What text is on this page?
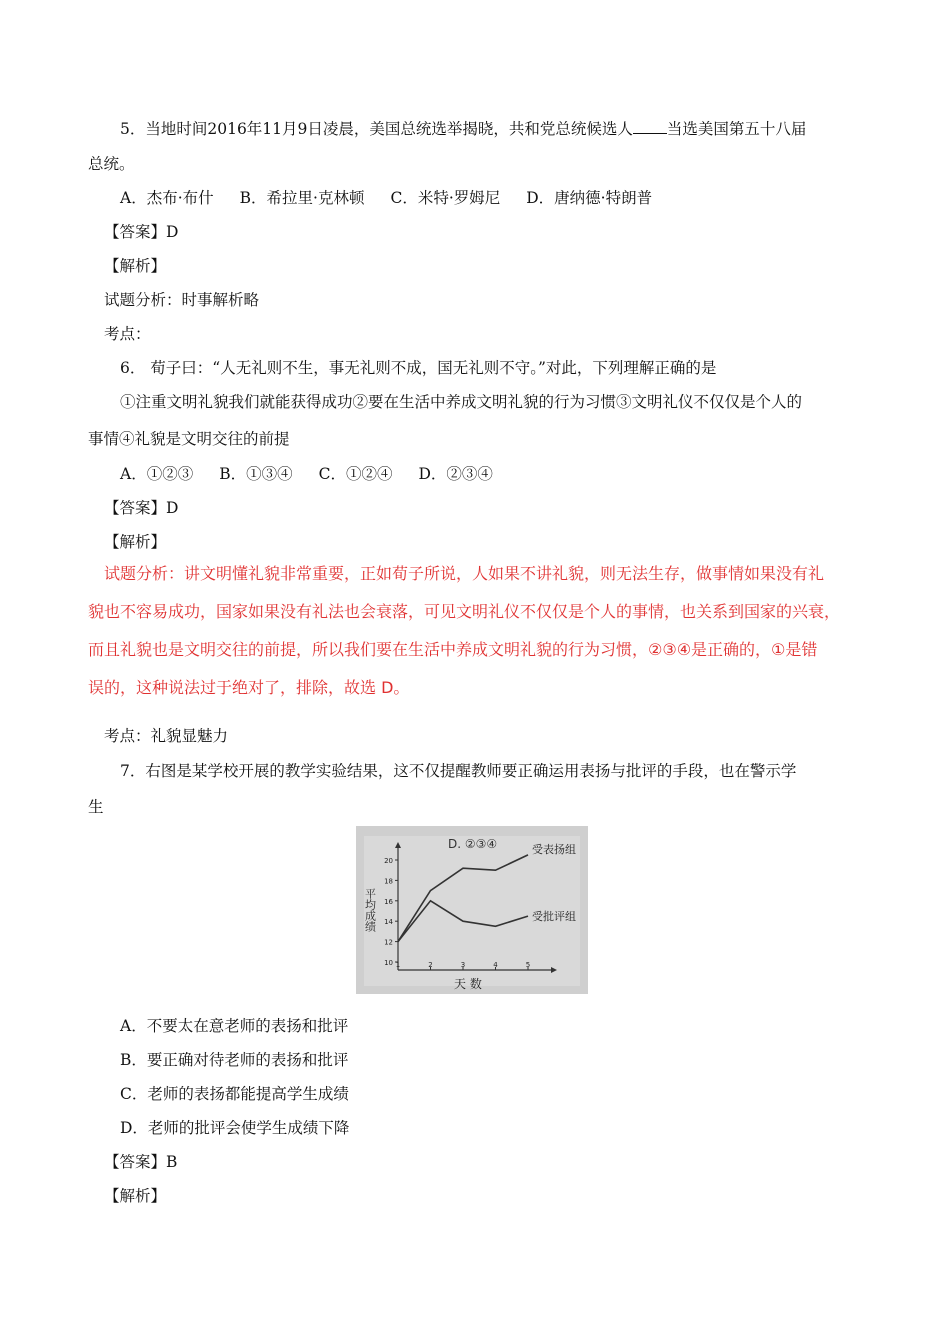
5．当地时间2016年11月9日凌晨，美国总统选举揭晓，共和党总统候选人 当选美国第五十八届
总统。
A．杰布·布什 B．希拉里·克林顿 C．米特·罗姆尼 D．唐纳德·特朗普
【答案】D
【解析】
试题分析：时事解析略
考点：
6． 荀子曰：“人无礼则不生，事无礼则不成，国无礼则不守。”对此，下列理解正确的是
①注重文明礼貌我们就能获得成功②要在生活中养成文明礼貌的行为习惯③文明礼仪不仅仅是个人的
事情④礼貌是文明交往的前提
A．①②③ B．①③④ C．①②④ D．②③④
【答案】D
【解析】
试题分析：讲文明懂礼貌非常重要，正如荀子所说，人如果不讲礼貌，则无法生存，做事情如果没有礼
貌也不容易成功，国家如果没有礼法也会衰落，可见文明礼仪不仅仅是个人的事情，也关系到国家的兴衰，
而且礼貌也是文明交往的前提，所以我们要在生活中养成文明礼貌的行为习惯，②③④是正确的，①是错
误的，这种说法过于绝对了，排除，故选 D。
考点：礼貌显魅力
7．右图是某学校开展的教学实验结果，这不仅提醒教师要正确运用表扬与批评的手段，也在警示学
生
D. ②③④
平均成绩
天 数
10
12
14
16
18
20
1	2	3	4	5
受表扬组
受批评组
A．不要太在意老师的表扬和批评
B．要正确对待老师的表扬和批评
C．老师的表扬都能提高学生成绩
D．老师的批评会使学生成绩下降
【答案】B
【解析】
